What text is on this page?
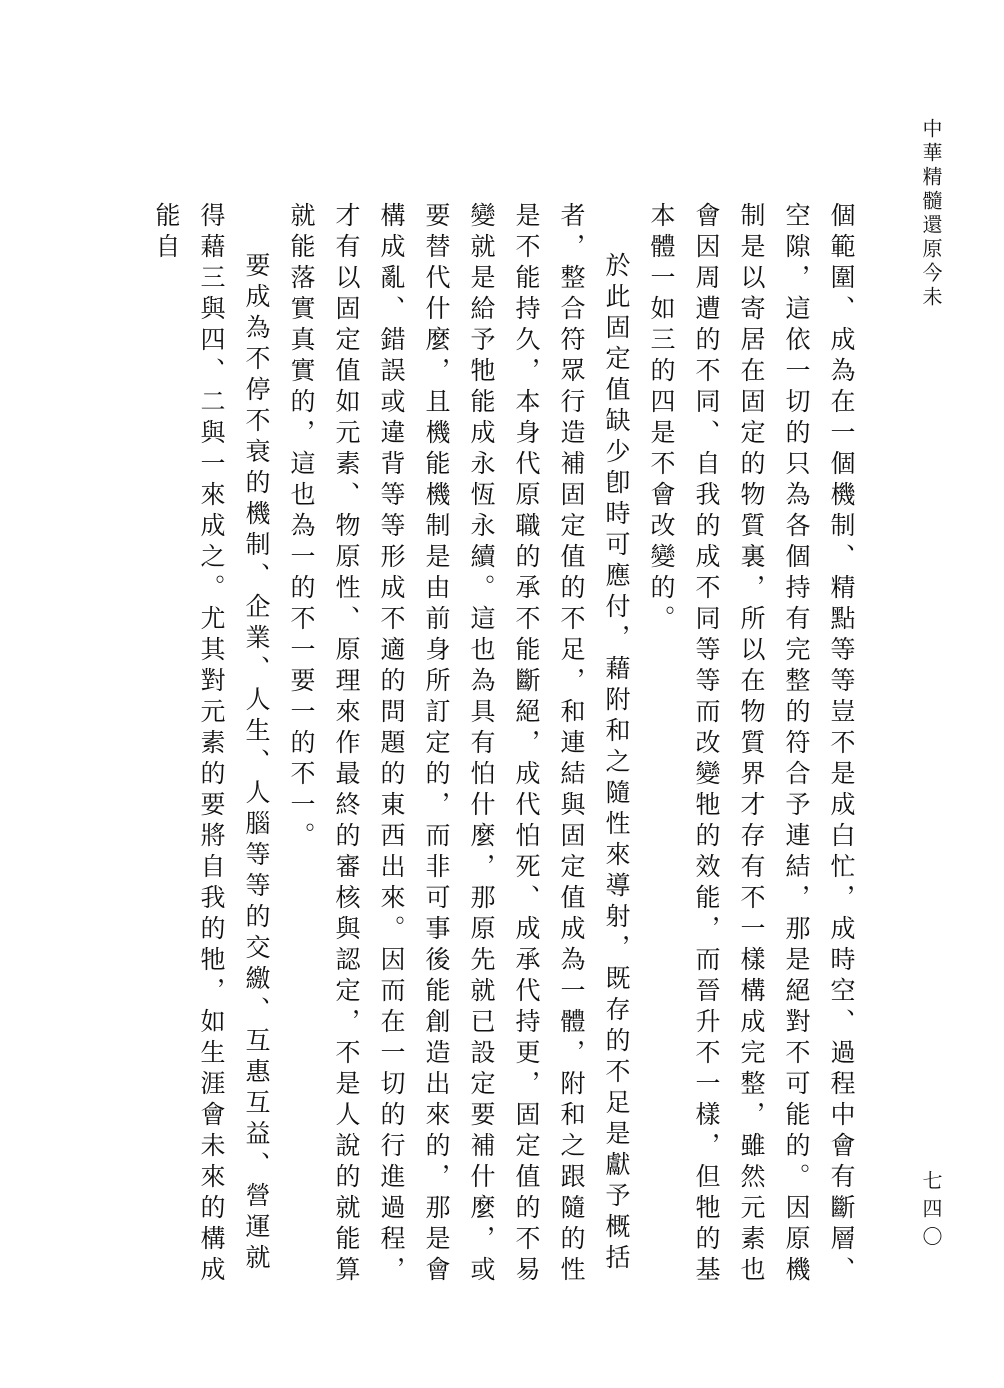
中華精髓還原今未
七四〇

個範圍、成為在一個機制、精點等等豈不是成白忙，成時空、過程中會有斷層、空隙，這依一切的只為各個持有完整的符合予連結，那是絕對不可能的。因原機制是以寄居在固定的物質裏，所以在物質界才存有不一樣構成完整，雖然元素也會因周遭的不同、自我的成不同等等而改變牠的效能，而晉升不一樣，但牠的基本體一如三的四是不會改變的。

於此固定值缺少卽時可應付，藉附和之隨性來導射，既存的不足是獻予概括者，整合符眾行造補固定值的不足，和連結與固定值成為一體，附和之跟隨的性是不能持久，本身代原職的承不能斷絕，成代怕死、成承代持更，固定值的不易變就是給予牠能成永恆永續。這也為具有怕什麼，那原先就已設定要補什麼，或要替代什麼，且機能機制是由前身所訂定的，而非可事後能創造出來的，那是會構成亂、錯誤或違背等等形成不適的問題的東西出來。因而在一切的行進過程，才有以固定值如元素、物原性、原理來作最終的審核與認定，不是人說的就能算就能落實真實的，這也為一的不一要一的不一。

要成為不停不衰的機制、企業、人生、人腦等等的交繳、互惠互益、營運就得藉三與四、二與一來成之。尤其對元素的要將自我的牠，如生涯會未來的構成能自
